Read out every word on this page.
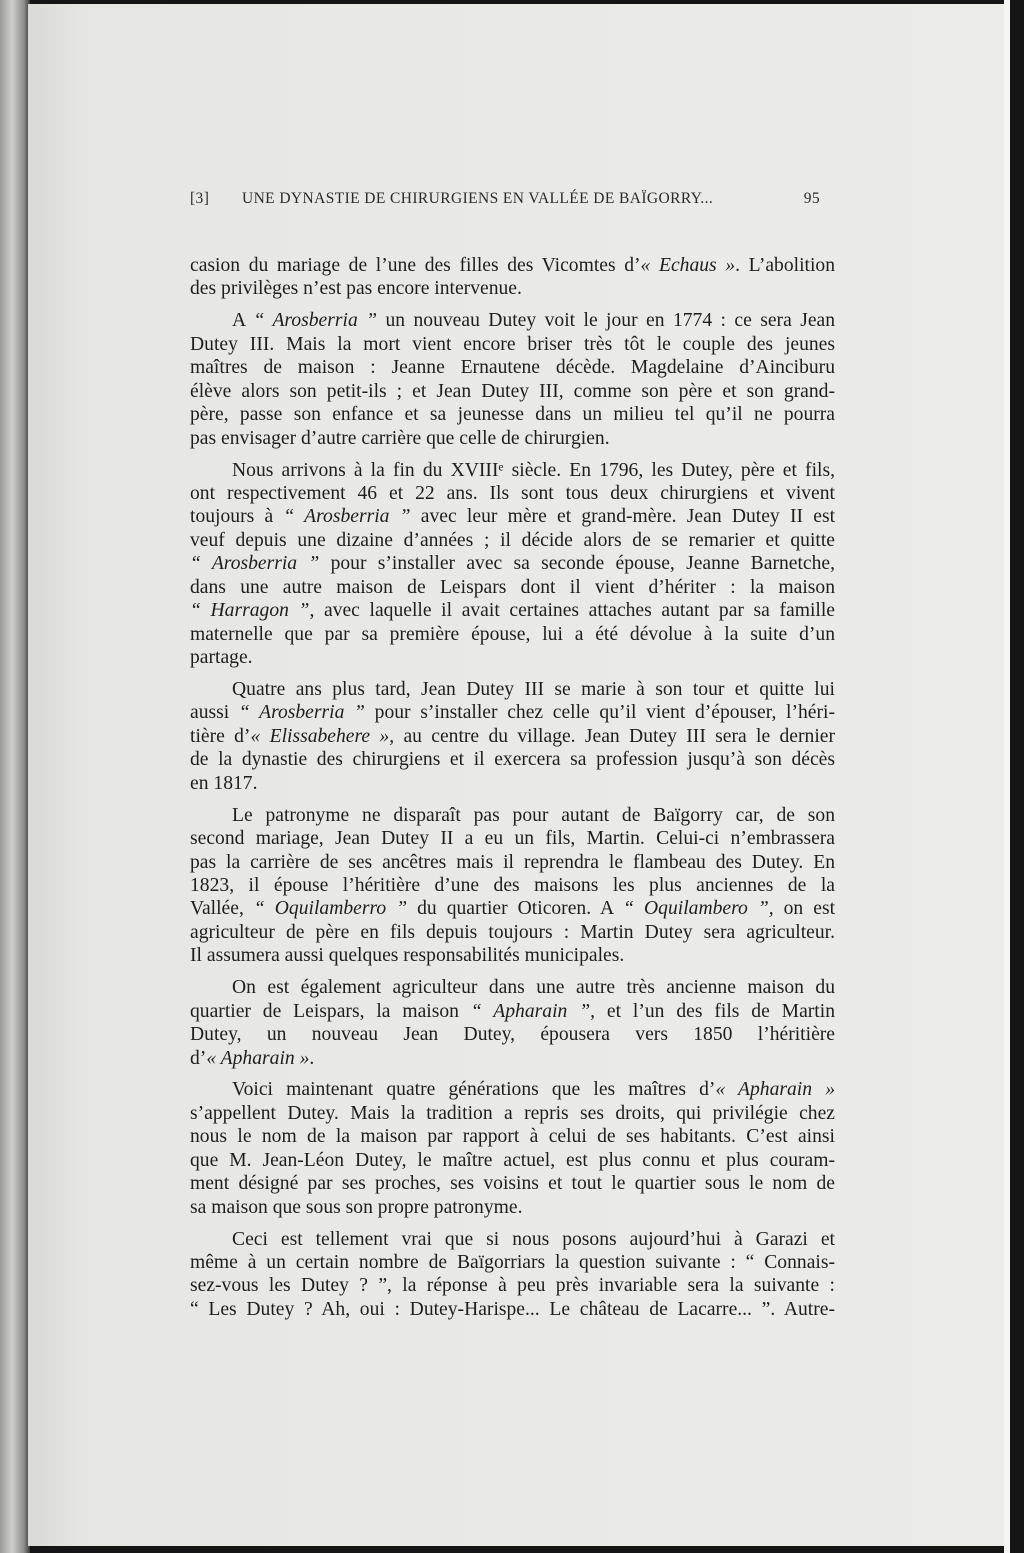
[3] UNE DYNASTIE DE CHIRURGIENS EN VALLÉE DE BAÏGORRY...	95
casion du mariage de l’une des filles des Vicomtes d’« Echaus ». L’abolition
des privilèges n’est pas encore intervenue.
A “ Arosberria ” un nouveau Dutey voit le jour en 1774 : ce sera Jean
Dutey III. Mais la mort vient encore briser très tôt le couple des jeunes
maîtres de maison : Jeanne Ernautene décède. Magdelaine d’Ainciburu
élève alors son petit-ils ; et Jean Dutey III, comme son père et son grand-
père, passe son enfance et sa jeunesse dans un milieu tel qu’il ne pourra
pas envisager d’autre carrière que celle de chirurgien.
Nous arrivons à la fin du XVIIIᵉ siècle. En 1796, les Dutey, père et fils,
ont respectivement 46 et 22 ans. Ils sont tous deux chirurgiens et vivent
toujours à “ Arosberria ” avec leur mère et grand-mère. Jean Dutey II est
veuf depuis une dizaine d’années ; il décide alors de se remarier et quitte
“ Arosberria ” pour s’installer avec sa seconde épouse, Jeanne Barnetche,
dans une autre maison de Leispars dont il vient d’hériter : la maison
“ Harragon ”, avec laquelle il avait certaines attaches autant par sa famille
maternelle que par sa première épouse, lui a été dévolue à la suite d’un
partage.
Quatre ans plus tard, Jean Dutey III se marie à son tour et quitte lui
aussi “ Arosberria ” pour s’installer chez celle qu’il vient d’épouser, l’héri-
tière d’« Elissabehere », au centre du village. Jean Dutey III sera le dernier
de la dynastie des chirurgiens et il exercera sa profession jusqu’à son décès
en 1817.
Le patronyme ne disparaît pas pour autant de Baïgorry car, de son
second mariage, Jean Dutey II a eu un fils, Martin. Celui-ci n’embrassera
pas la carrière de ses ancêtres mais il reprendra le flambeau des Dutey. En
1823, il épouse l’héritière d’une des maisons les plus anciennes de la
Vallée, “ Oquilamberro ” du quartier Oticoren. A “ Oquilambero ”, on est
agriculteur de père en fils depuis toujours : Martin Dutey sera agriculteur.
Il assumera aussi quelques responsabilités municipales.
On est également agriculteur dans une autre très ancienne maison du
quartier de Leispars, la maison “ Apharain ”, et l’un des fils de Martin
Dutey, un nouveau Jean Dutey, épousera vers 1850 l’héritière
d’« Apharain ».
Voici maintenant quatre générations que les maîtres d’« Apharain »
s’appellent Dutey. Mais la tradition a repris ses droits, qui privilégie chez
nous le nom de la maison par rapport à celui de ses habitants. C’est ainsi
que M. Jean-Léon Dutey, le maître actuel, est plus connu et plus couram-
ment désigné par ses proches, ses voisins et tout le quartier sous le nom de
sa maison que sous son propre patronyme.
Ceci est tellement vrai que si nous posons aujourd’hui à Garazi et
même à un certain nombre de Baïgorriars la question suivante : “ Connais-
sez-vous les Dutey ? ”, la réponse à peu près invariable sera la suivante :
“ Les Dutey ? Ah, oui : Dutey-Harispe... Le château de Lacarre... ”. Autre-
